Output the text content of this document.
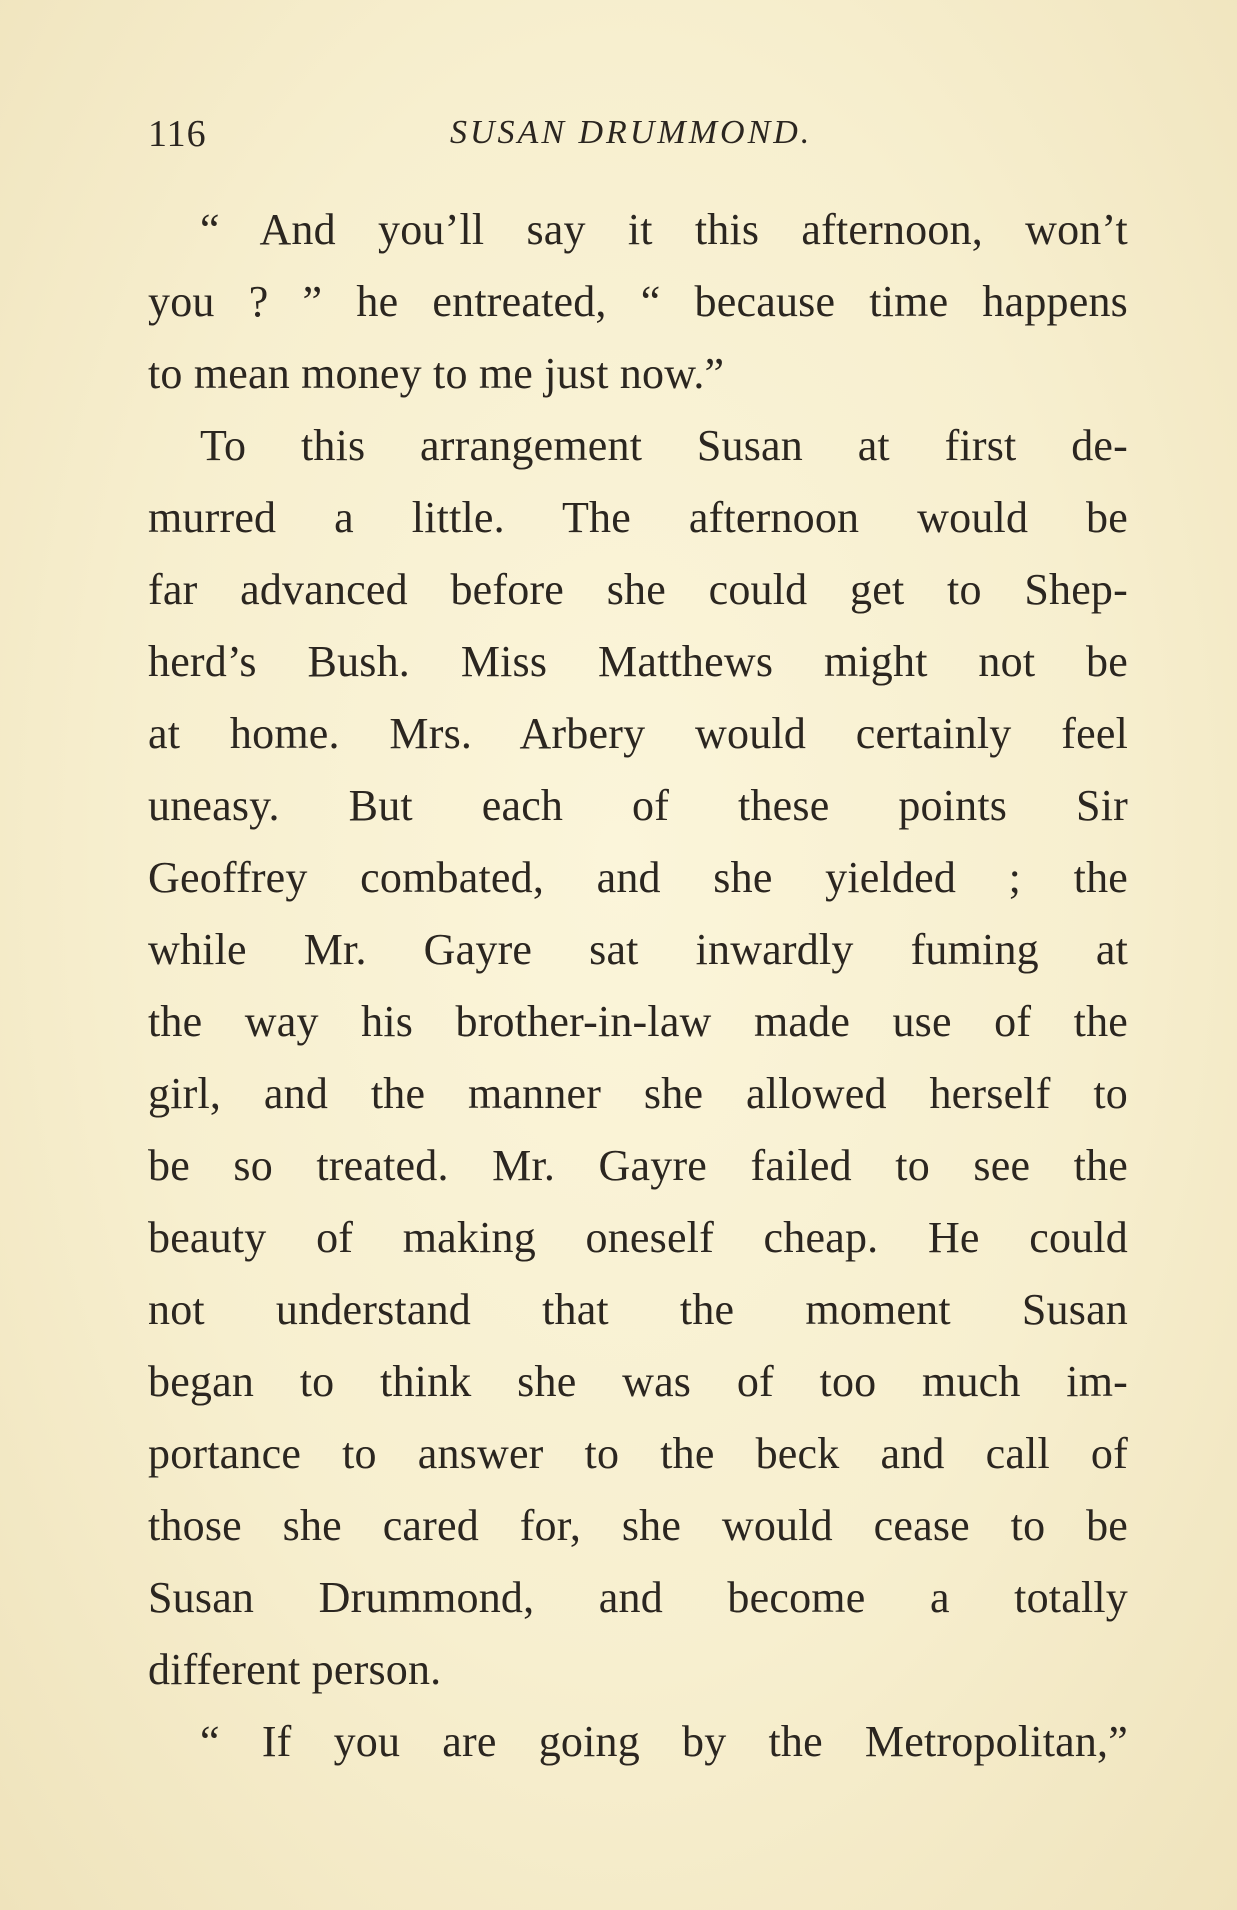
116	SUSAN DRUMMOND.
“ And you’ll say it this afternoon, won’t
you ? ” he entreated, “ because time happens
to mean money to me just now.”
To this arrangement Susan at first de-
murred a little. The afternoon would be
far advanced before she could get to Shep-
herd’s Bush. Miss Matthews might not be
at home. Mrs. Arbery would certainly feel
uneasy. But each of these points Sir
Geoffrey combated, and she yielded ; the
while Mr. Gayre sat inwardly fuming at
the way his brother-in-law made use of the
girl, and the manner she allowed herself to
be so treated. Mr. Gayre failed to see the
beauty of making oneself cheap. He could
not understand that the moment Susan
began to think she was of too much im-
portance to answer to the beck and call of
those she cared for, she would cease to be
Susan Drummond, and become a totally
different person.
“ If you are going by the Metropolitan,”
